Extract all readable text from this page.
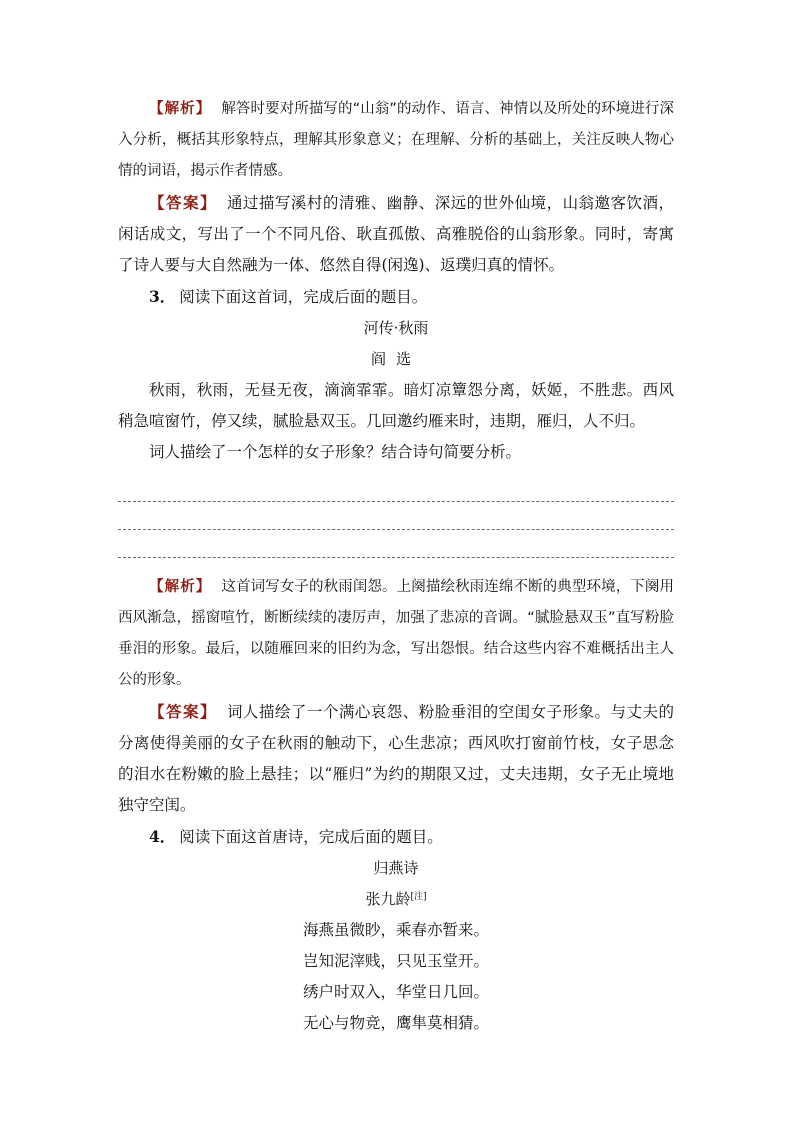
【解析】 解答时要对所描写的“山翁”的动作、语言、神情以及所处的环境进行深入分析，概括其形象特点，理解其形象意义；在理解、分析的基础上，关注反映人物心情的词语，揭示作者情感。

【答案】 通过描写溪村的清雅、幽静、深远的世外仙境，山翁邀客饮酒，闲话成文，写出了一个不同凡俗、耿直孤傲、高雅脱俗的山翁形象。同时，寄寓了诗人要与大自然融为一体、悠然自得(闲逸)、返璞归真的情怀。

3． 阅读下面这首词，完成后面的题目。

河传·秋雨

阎选

秋雨，秋雨，无昼无夜，滴滴霏霏。暗灯凉簟怨分离，妖姬，不胜悲。西风稍急喧窗竹，停又续，腻脸悬双玉。几回邀约雁来时，违期，雁归，人不归。

词人描绘了一个怎样的女子形象？结合诗句简要分析。

【解析】 这首词写女子的秋雨闺怨。上阕描绘秋雨连绵不断的典型环境，下阕用西风渐急，摇窗喧竹，断断续续的凄厉声，加强了悲凉的音调。“腻脸悬双玉”直写粉脸垂泪的形象。最后，以随雁回来的旧约为念，写出怨恨。结合这些内容不难概括出主人公的形象。

【答案】 词人描绘了一个满心哀怨、粉脸垂泪的空闺女子形象。与丈夫的分离使得美丽的女子在秋雨的触动下，心生悲凉；西风吹打窗前竹枝，女子思念的泪水在粉嫩的脸上悬挂；以“雁归”为约的期限又过，丈夫违期，女子无止境地独守空闺。

4． 阅读下面这首唐诗，完成后面的题目。

归燕诗

张九龄[注]

海燕虽微眇，乘春亦暂来。

岂知泥滓贱，只见玉堂开。

绣户时双入，华堂日几回。

无心与物竞，鹰隼莫相猜。
